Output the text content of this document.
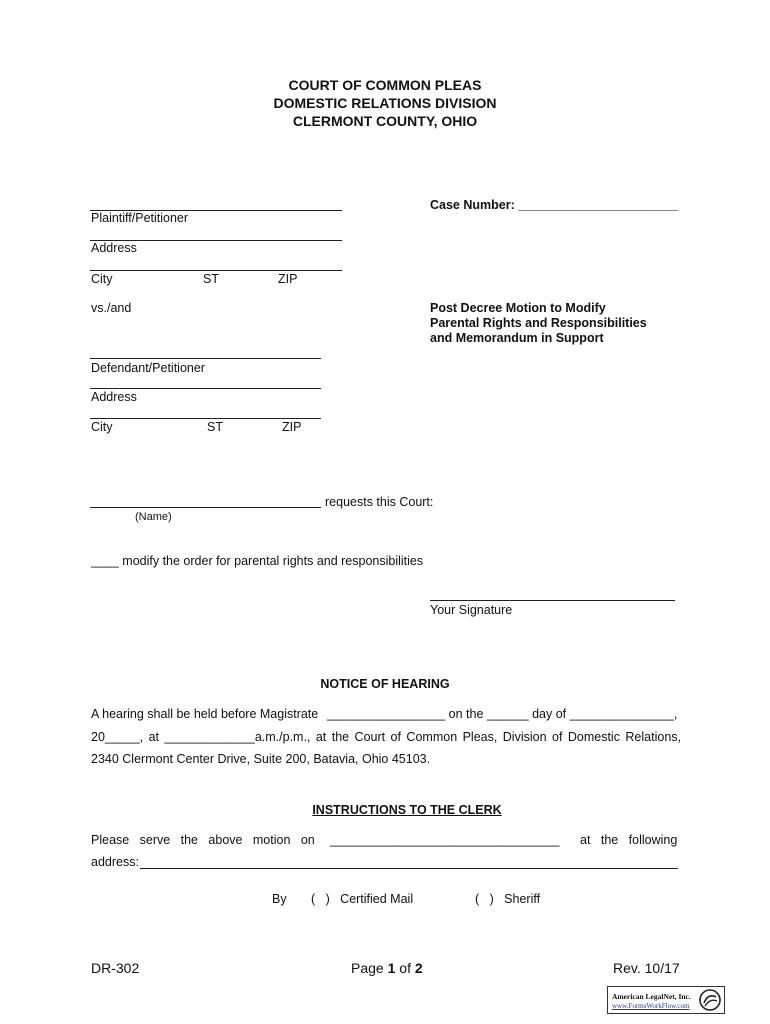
COURT OF COMMON PLEAS
DOMESTIC RELATIONS DIVISION
CLERMONT COUNTY, OHIO
Plaintiff/Petitioner
Address
City	ST	ZIP
Case Number: _______________________
vs./and	Post Decree Motion to Modify
Parental Rights and Responsibilities
and Memorandum in Support
Defendant/Petitioner
Address
City	ST	ZIP
requests this Court:
(Name)
____ modify the order for parental rights and responsibilities
Your Signature
NOTICE OF HEARING
A hearing shall be held before Magistrate _________________ on the ______ day of _______________,
20_____, at _____________a.m./p.m., at the Court of Common Pleas, Division of Domestic Relations,
2340 Clermont Center Drive, Suite 200, Batavia, Ohio 45103.
INSTRUCTIONS TO THE CLERK
Please   serve   the   above   motion   on _________________________________ at   the   following
address:
By (   )   Certified Mail	(   )   Sheriff
DR-302	Page 1 of 2	Rev. 10/17
American LegalNet, Inc.
www.FormsWorkFlow.com
